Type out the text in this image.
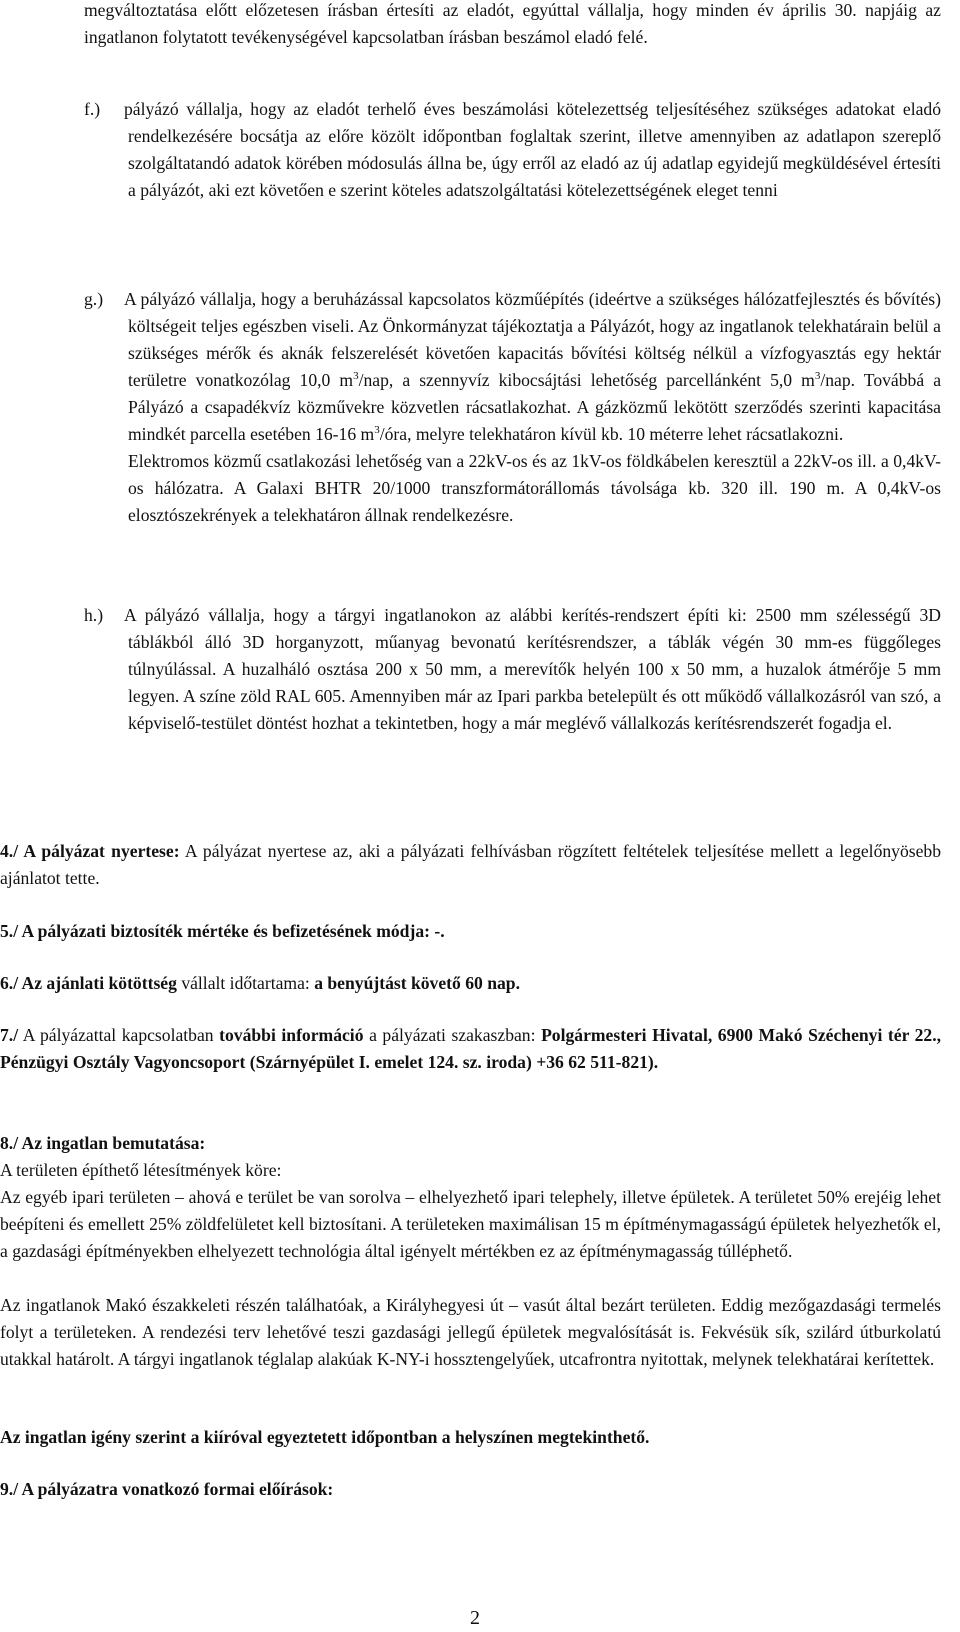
megváltoztatása előtt előzetesen írásban értesíti az eladót, egyúttal vállalja, hogy minden év április 30. napjáig az ingatlanon folytatott tevékenységével kapcsolatban írásban beszámol eladó felé.
f.) pályázó vállalja, hogy az eladót terhelő éves beszámolási kötelezettség teljesítéséhez szükséges adatokat eladó rendelkezésére bocsátja az előre közölt időpontban foglaltak szerint, illetve amennyiben az adatlapon szereplő szolgáltatandó adatok körében módosulás állna be, úgy erről az eladó az új adatlap egyidejű megküldésével értesíti a pályázót, aki ezt követően e szerint köteles adatszolgáltatási kötelezettségének eleget tenni
g.) A pályázó vállalja, hogy a beruházással kapcsolatos közműépítés (ideértve a szükséges hálózatfejlesztés és bővítés) költségeit teljes egészben viseli. Az Önkormányzat tájékoztatja a Pályázót, hogy az ingatlanok telekhatárain belül a szükséges mérők és aknák felszerelését követően kapacitás bővítési költség nélkül a vízfogyasztás egy hektár területre vonatkozólag 10,0 $m^3$/nap, a szennyvíz kibocsájtási lehetőség parcellánként 5,0 $m^3$/nap. Továbbá a Pályázó a csapadékvíz közművekre közvetlen rácsatlakozhat. A gázközmű lekötött szerződés szerinti kapacitása mindkét parcella esetében 16-16 $m^3$/óra, melyre telekhatáron kívül kb. 10 méterre lehet rácsatlakozni.
Elektromos közmű csatlakozási lehetőség van a 22kV-os és az 1kV-os földkábelen keresztül a 22kV-os ill. a 0,4kV-os hálózatra. A Galaxi BHTR 20/1000 transzformátorállomás távolsága kb. 320 ill. 190 m. A 0,4kV-os elosztószekrények a telekhatáron állnak rendelkezésre.
h.) A pályázó vállalja, hogy a tárgyi ingatlanokon az alábbi kerítés-rendszert építi ki: 2500 mm szélességű 3D táblákból álló 3D horganyzott, műanyag bevonatú kerítésrendszer, a táblák végén 30 mm-es függőleges túlnyúlással. A huzalháló osztása 200 x 50 mm, a merevítők helyén 100 x 50 mm, a huzalok átmérője 5 mm legyen. A színe zöld RAL 605. Amennyiben már az Ipari parkba betelepült és ott működő vállalkozásról van szó, a képviselő-testület döntést hozhat a tekintetben, hogy a már meglévő vállalkozás kerítésrendszerét fogadja el.
4./ A pályázat nyertese: A pályázat nyertese az, aki a pályázati felhívásban rögzített feltételek teljesítése mellett a legelőnyösebb ajánlatot tette.
5./ A pályázati biztosíték mértéke és befizetésének módja: -.
6./ Az ajánlati kötöttség vállalt időtartama: a benyújtást követő 60 nap.
7./ A pályázattal kapcsolatban további információ a pályázati szakaszban: Polgármesteri Hivatal, 6900 Makó Széchenyi tér 22., Pénzügyi Osztály Vagyoncsoport (Szárnyépület I. emelet 124. sz. iroda) +36 62 511-821).
8./ Az ingatlan bemutatása:
A területen építhető létesítmények köre:
Az egyéb ipari területen – ahová e terület be van sorolva – elhelyezhető ipari telephely, illetve épületek. A területet 50% erejéig lehet beépíteni és emellett 25% zöldfelületet kell biztosítani. A területeken maximálisan 15 m építménymagasságú épületek helyezhetők el, a gazdasági építményekben elhelyezett technológia által igényelt mértékben ez az építménymagasság túlléphető.
Az ingatlanok Makó északkeleti részén találhatóak, a Királyhegyesi út – vasút által bezárt területen. Eddig mezőgazdasági termelés folyt a területeken. A rendezési terv lehetővé teszi gazdasági jellegű épületek megvalósítását is. Fekvésük sík, szilárd útburkolatú utakkal határolt. A tárgyi ingatlanok téglalap alakúak K-NY-i hossztengelyűek, utcafrontra nyitottak, melynek telekhatárai kerítettek.
Az ingatlan igény szerint a kiíróval egyeztetett időpontban a helyszínen megtekinthető.
9./ A pályázatra vonatkozó formai előírások:
2
